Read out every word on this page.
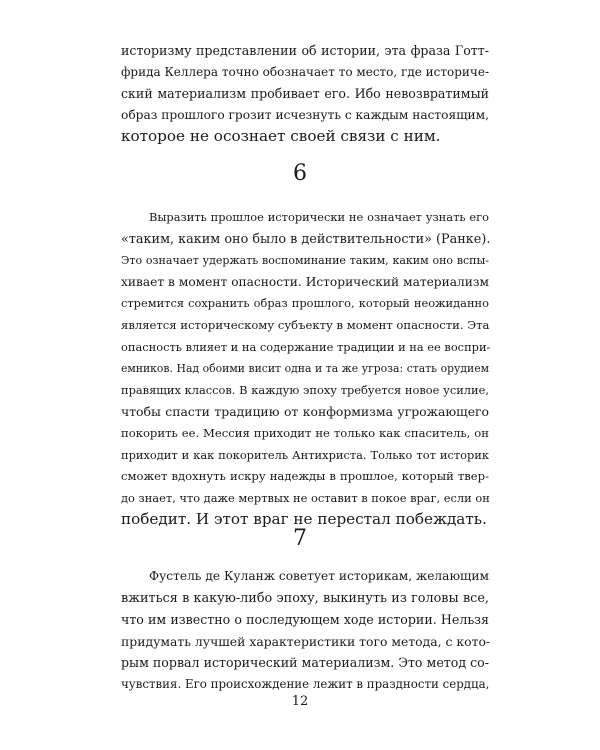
историзму представлении об истории, эта фраза Готт-
фрида Келлера точно обозначает то место, где историче-
ский материализм пробивает его. Ибо невозвратимый
образ прошлого грозит исчезнуть с каждым настоящим,
которое не осознает своей связи с ним.
6
Выразить прошлое исторически не означает узнать его
«таким, каким оно было в действительности» (Ранке).
Это означает удержать воспоминание таким, каким оно вспы-
хивает в момент опасности. Исторический материализм
стремится сохранить образ прошлого, который неожиданно
является историческому субъекту в момент опасности. Эта
опасность влияет и на содержание традиции и на ее воспри-
емников. Над обоими висит одна и та же угроза: стать орудием
правящих классов. В каждую эпоху требуется новое усилие,
чтобы спасти традицию от конформизма угрожающего
покорить ее. Мессия приходит не только как спаситель, он
приходит и как покоритель Антихриста. Только тот историк
сможет вдохнуть искру надежды в прошлое, который твер-
до знает, что даже мертвых не оставит в покое враг, если он
победит. И этот враг не перестал побеждать.
7
Фустель де Куланж советует историкам, желающим
вжиться в какую-либо эпоху, выкинуть из головы все,
что им известно о последующем ходе истории. Нельзя
придумать лучшей характеристики того метода, с кото-
рым порвал исторический материализм. Это метод со-
чувствия. Его происхождение лежит в праздности сердца,
12
